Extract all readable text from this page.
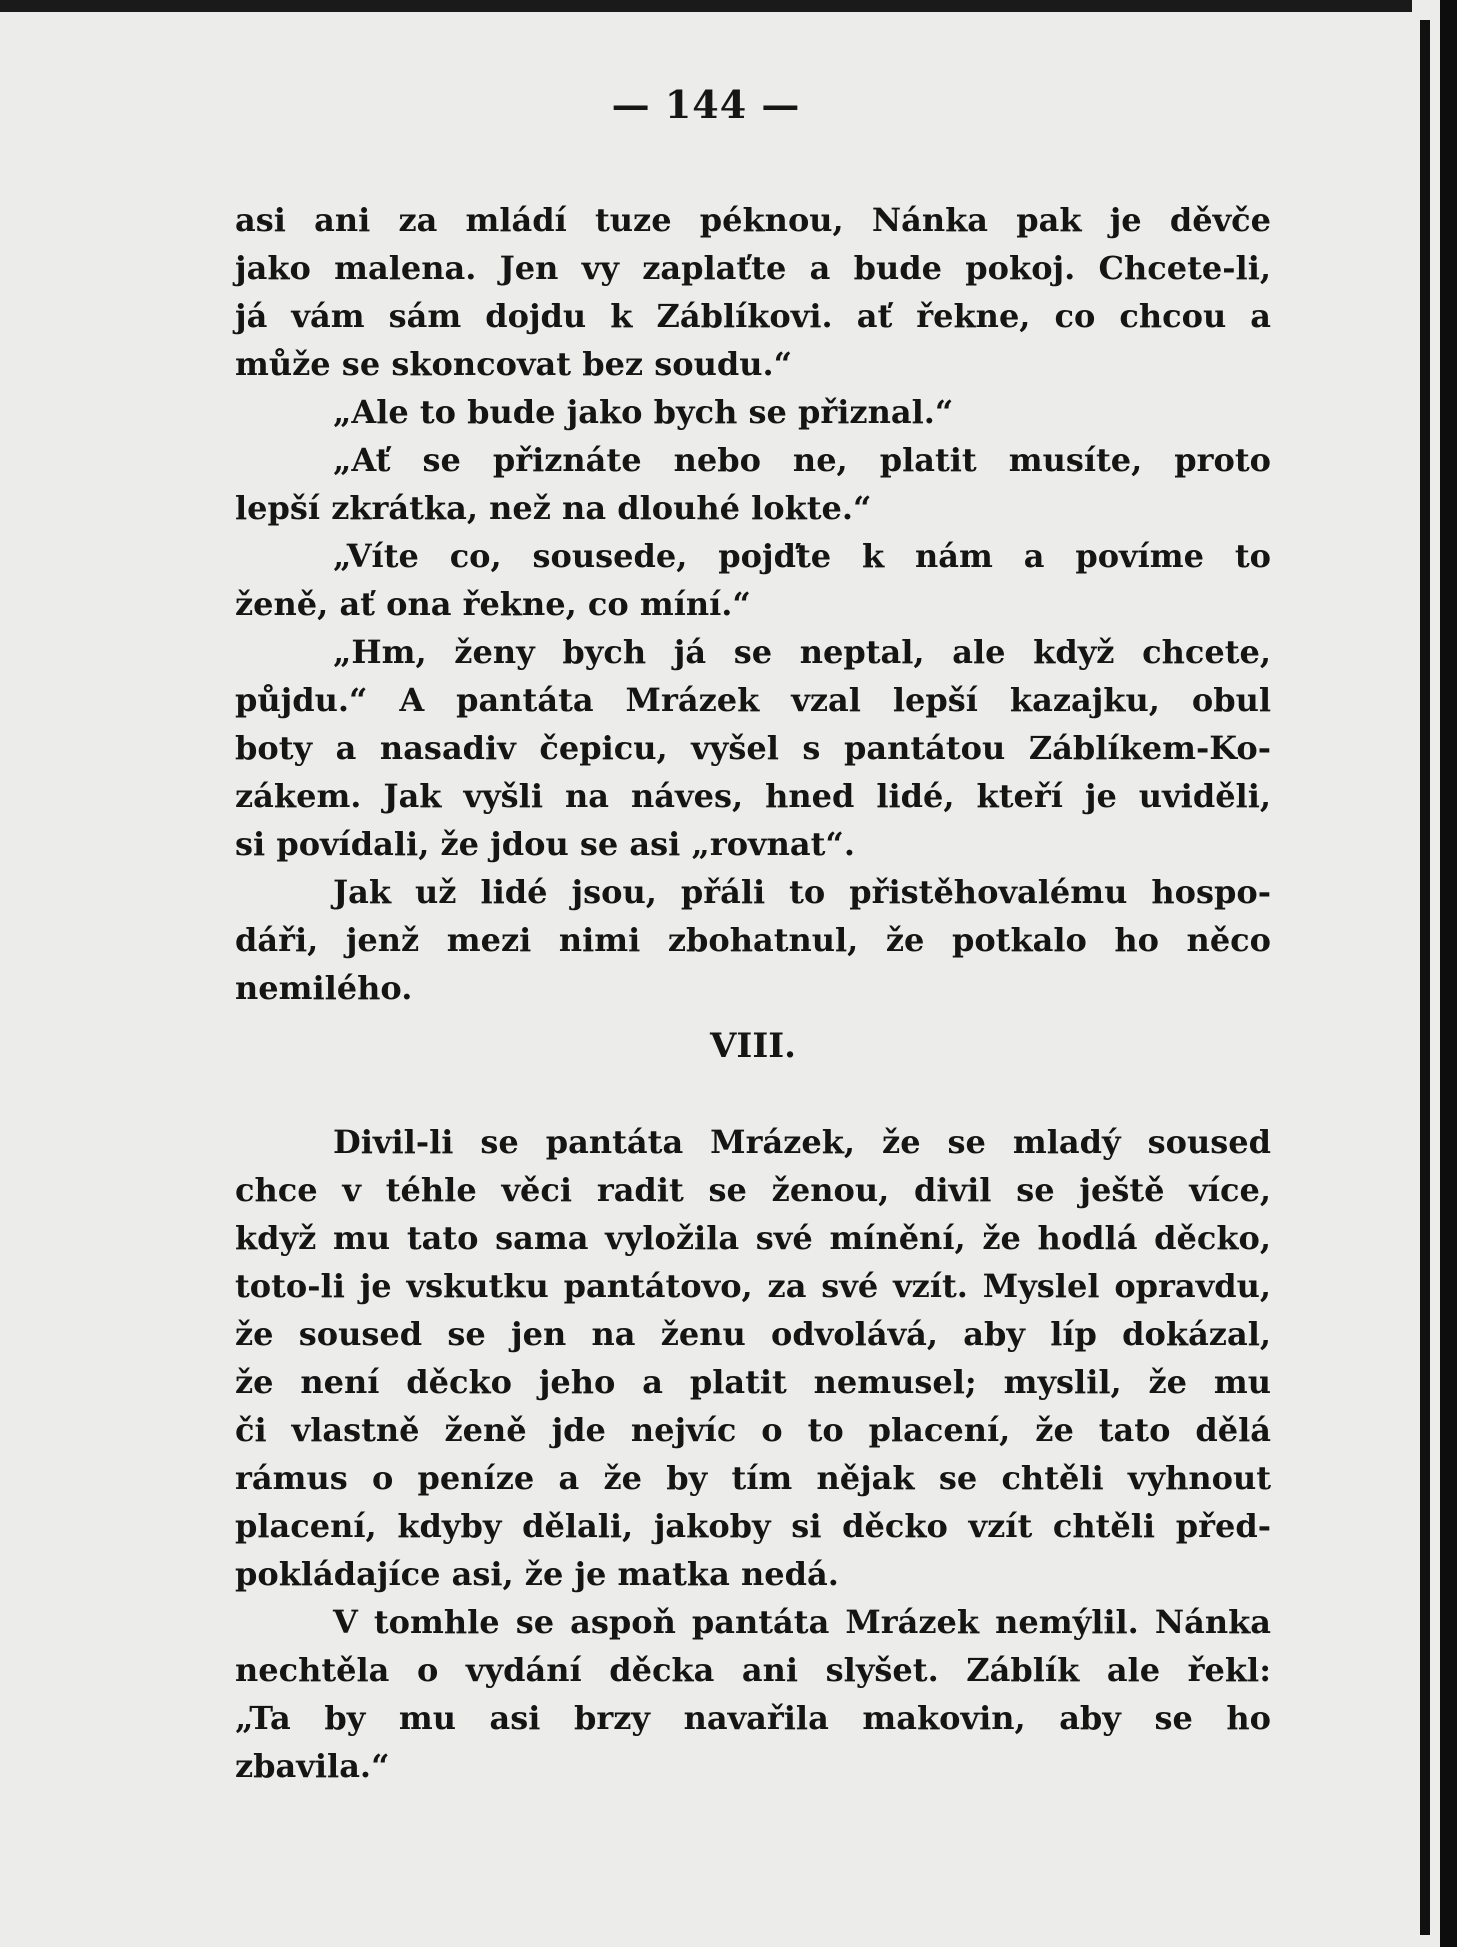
— 144 —
asi ani za mládí tuze péknou, Nánka pak je děvče
jako malena. Jen vy zaplaťte a bude pokoj. Chcete-li,
já vám sám dojdu k Záblíkovi. ať řekne, co chcou a
může se skoncovat bez soudu.“
„Ale to bude jako bych se přiznal.“
„Ať se přiznáte nebo ne, platit musíte, proto
lepší zkrátka, než na dlouhé lokte.“
„Víte co, sousede, pojďte k nám a povíme to
ženě, ať ona řekne, co míní.“
„Hm, ženy bych já se neptal, ale když chcete,
půjdu.“ A pantáta Mrázek vzal lepší kazajku, obul
boty a nasadiv čepicu, vyšel s pantátou Záblíkem-Ko-
zákem. Jak vyšli na náves, hned lidé, kteří je uviděli,
si povídali, že jdou se asi „rovnat“.
Jak už lidé jsou, přáli to přistěhovalému hospo-
dáři, jenž mezi nimi zbohatnul, že potkalo ho něco
nemilého.
VIII.
Divil-li se pantáta Mrázek, že se mladý soused
chce v téhle věci radit se ženou, divil se ještě více,
když mu tato sama vyložila své mínění, že hodlá děcko,
toto-li je vskutku pantátovo, za své vzít. Myslel opravdu,
že soused se jen na ženu odvolává, aby líp dokázal,
že není děcko jeho a platit nemusel; myslil, že mu
či vlastně ženě jde nejvíc o to placení, že tato dělá
rámus o peníze a že by tím nějak se chtěli vyhnout
placení, kdyby dělali, jakoby si děcko vzít chtěli před-
pokládajíce asi, že je matka nedá.
V tomhle se aspoň pantáta Mrázek nemýlil. Nánka
nechtěla o vydání děcka ani slyšet. Záblík ale řekl:
„Ta by mu asi brzy navařila makovin, aby se ho
zbavila.“
